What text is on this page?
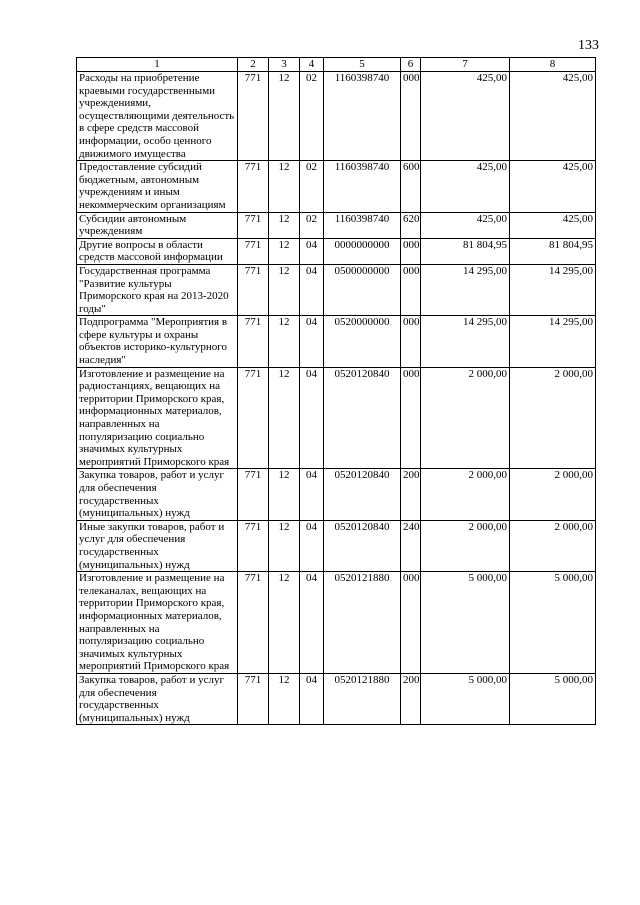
133
1	2	3	4	5	6	7	8
Расходы на приобретение краевыми государственными учреждениями, осуществляющими деятельность в сфере средств массовой информации, особо ценного движимого имущества	771	12	02	1160398740	000	425,00	425,00
Предоставление субсидий бюджетным, автономным учреждениям и иным некоммерческим организациям	771	12	02	1160398740	600	425,00	425,00
Субсидии автономным учреждениям	771	12	02	1160398740	620	425,00	425,00
Другие вопросы в области средств массовой информации	771	12	04	0000000000	000	81 804,95	81 804,95
Государственная программа "Развитие культуры Приморского края на 2013-2020 годы"	771	12	04	0500000000	000	14 295,00	14 295,00
Подпрограмма "Мероприятия в сфере культуры и охраны объектов историко-культурного наследия"	771	12	04	0520000000	000	14 295,00	14 295,00
Изготовление и размещение на радиостанциях, вещающих на территории Приморского края, информационных материалов, направленных на популяризацию социально значимых культурных мероприятий Приморского края	771	12	04	0520120840	000	2 000,00	2 000,00
Закупка товаров, работ и услуг для обеспечения государственных (муниципальных) нужд	771	12	04	0520120840	200	2 000,00	2 000,00
Иные закупки товаров, работ и услуг для обеспечения государственных (муниципальных) нужд	771	12	04	0520120840	240	2 000,00	2 000,00
Изготовление и размещение на телеканалах, вещающих на территории Приморского края, информационных материалов, направленных на популяризацию социально значимых культурных мероприятий Приморского края	771	12	04	0520121880	000	5 000,00	5 000,00
Закупка товаров, работ и услуг для обеспечения государственных (муниципальных) нужд	771	12	04	0520121880	200	5 000,00	5 000,00
